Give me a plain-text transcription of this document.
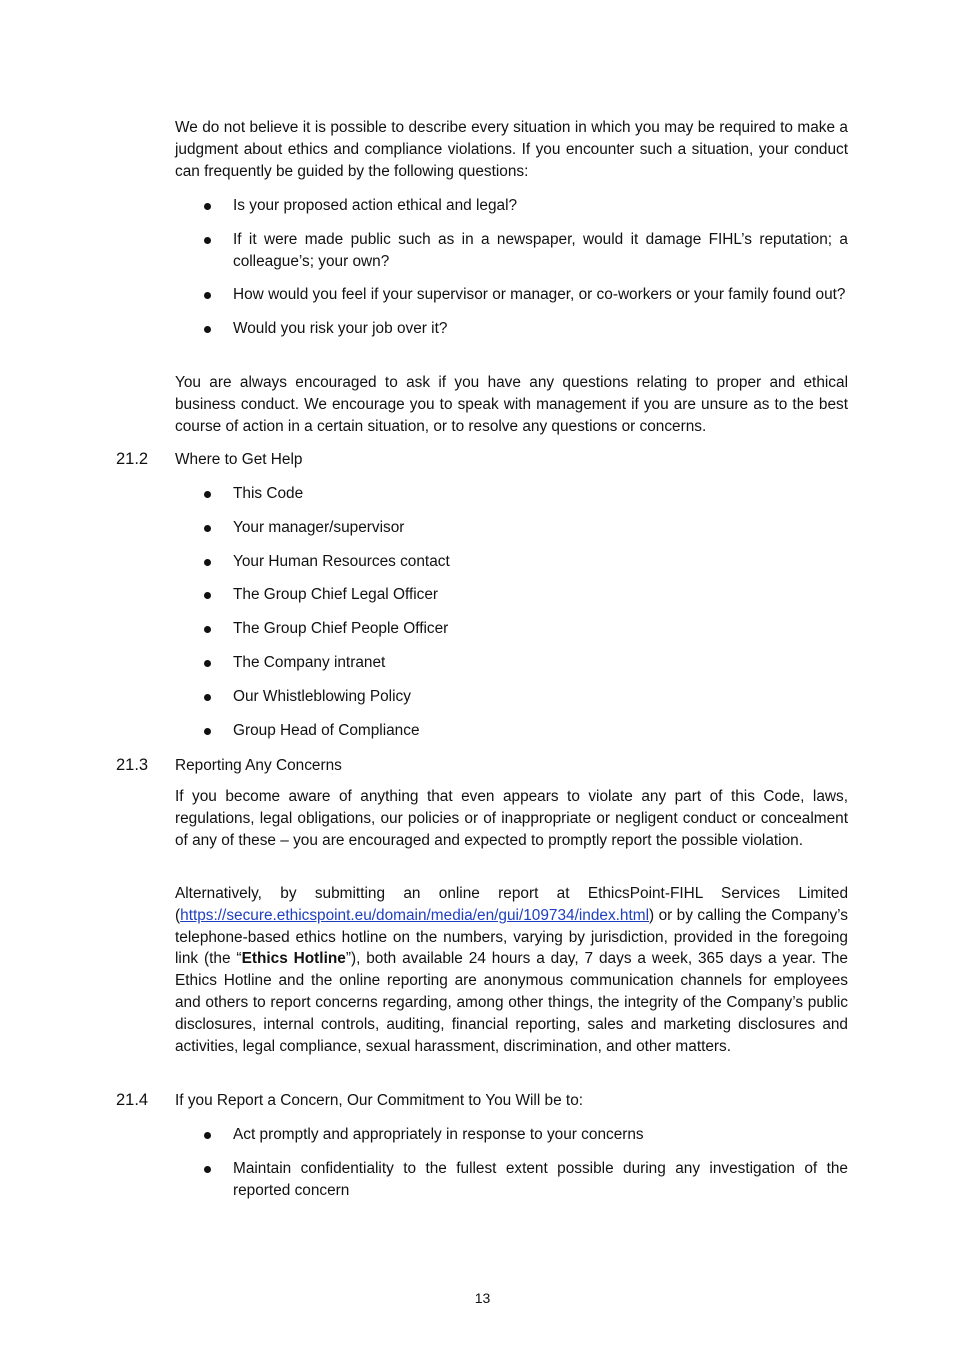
We do not believe it is possible to describe every situation in which you may be required to make a judgment about ethics and compliance violations. If you encounter such a situation, your conduct can frequently be guided by the following questions:

Is your proposed action ethical and legal?
If it were made public such as in a newspaper, would it damage FIHL’s reputation; a colleague’s; your own?
How would you feel if your supervisor or manager, or co-workers or your family found out?
Would you risk your job over it?

You are always encouraged to ask if you have any questions relating to proper and ethical business conduct. We encourage you to speak with management if you are unsure as to the best course of action in a certain situation, or to resolve any questions or concerns.

21.2 Where to Get Help

This Code
Your manager/supervisor
Your Human Resources contact
The Group Chief Legal Officer
The Group Chief People Officer
The Company intranet
Our Whistleblowing Policy
Group Head of Compliance

21.3 Reporting Any Concerns

If you become aware of anything that even appears to violate any part of this Code, laws, regulations, legal obligations, our policies or of inappropriate or negligent conduct or concealment of any of these – you are encouraged and expected to promptly report the possible violation.

Alternatively, by submitting an online report at EthicsPoint-FIHL Services Limited (https://secure.ethicspoint.eu/domain/media/en/gui/109734/index.html) or by calling the Company’s telephone-based ethics hotline on the numbers, varying by jurisdiction, provided in the foregoing link (the “Ethics Hotline”), both available 24 hours a day, 7 days a week, 365 days a year. The Ethics Hotline and the online reporting are anonymous communication channels for employees and others to report concerns regarding, among other things, the integrity of the Company’s public disclosures, internal controls, auditing, financial reporting, sales and marketing disclosures and activities, legal compliance, sexual harassment, discrimination, and other matters.

21.4 If you Report a Concern, Our Commitment to You Will be to:

Act promptly and appropriately in response to your concerns
Maintain confidentiality to the fullest extent possible during any investigation of the reported concern
13
